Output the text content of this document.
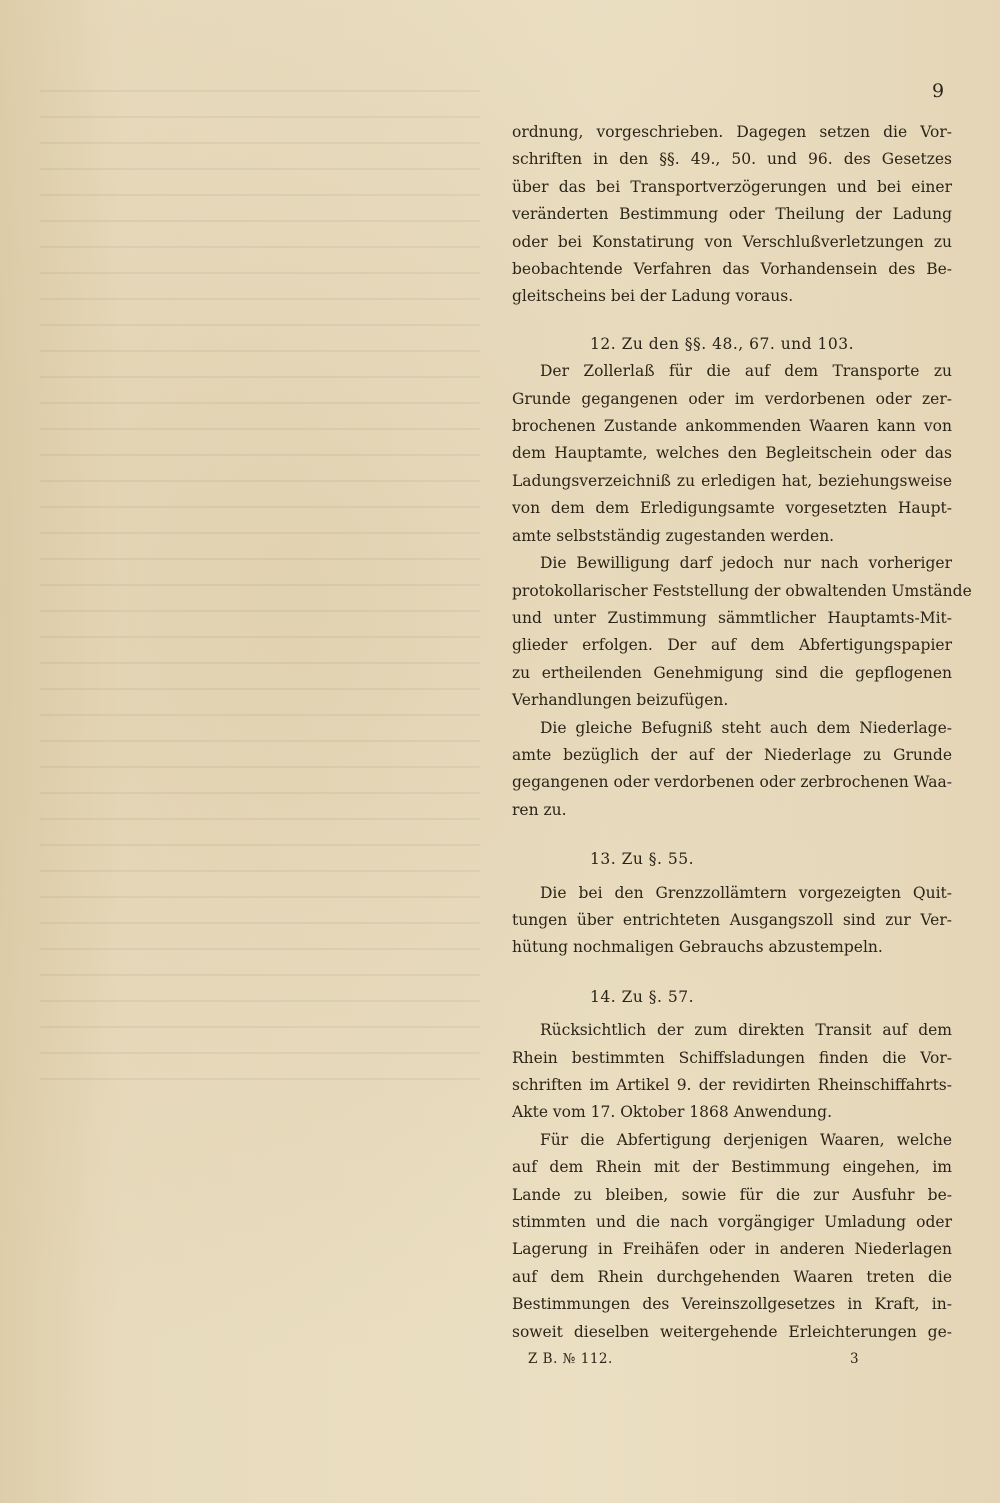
9

ordnung, vorgeschrieben. Dagegen setzen die Vor-
schriften in den §§. 49., 50. und 96. des Gesetzes
über das bei Transportverzögerungen und bei einer
veränderten Bestimmung oder Theilung der Ladung
oder bei Konstatirung von Verschlußverletzungen zu
beobachtende Verfahren das Vorhandensein des Be-
gleitscheins bei der Ladung voraus.

12. Zu den §§. 48., 67. und 103.

Der Zollerlaß für die auf dem Transporte zu

Grunde gegangenen oder im verdorbenen oder zer-
brochenen Zustande ankommenden Waaren kann von
dem Hauptamte, welches den Begleitschein oder das
Ladungsverzeichniß zu erledigen hat, beziehungsweise
von dem dem Erledigungsamte vorgesetzten Haupt-
amte selbstständig zugestanden werden.

Die Bewilligung darf jedoch nur nach vorheriger

protokollarischer Feststellung der obwaltenden Umstände
und unter Zustimmung sämmtlicher Hauptamts-Mit-
glieder erfolgen. Der auf dem Abfertigungspapier
zu ertheilenden Genehmigung sind die gepflogenen
Verhandlungen beizufügen.

Die gleiche Befugniß steht auch dem Niederlage-

amte bezüglich der auf der Niederlage zu Grunde
gegangenen oder verdorbenen oder zerbrochenen Waa-
ren zu.

13. Zu §. 55.

Die bei den Grenzzollämtern vorgezeigten Quit-

tungen über entrichteten Ausgangszoll sind zur Ver-
hütung nochmaligen Gebrauchs abzustempeln.

14. Zu §. 57.

Rücksichtlich der zum direkten Transit auf dem

Rhein bestimmten Schiffsladungen finden die Vor-
schriften im Artikel 9. der revidirten Rheinschiffahrts-
Akte vom 17. Oktober 1868 Anwendung.

Für die Abfertigung derjenigen Waaren, welche

auf dem Rhein mit der Bestimmung eingehen, im
Lande zu bleiben, sowie für die zur Ausfuhr be-
stimmten und die nach vorgängiger Umladung oder
Lagerung in Freihäfen oder in anderen Niederlagen
auf dem Rhein durchgehenden Waaren treten die
Bestimmungen des Vereinszollgesetzes in Kraft, in-
soweit dieselben weitergehende Erleichterungen ge-

Z B. № 112.	3
